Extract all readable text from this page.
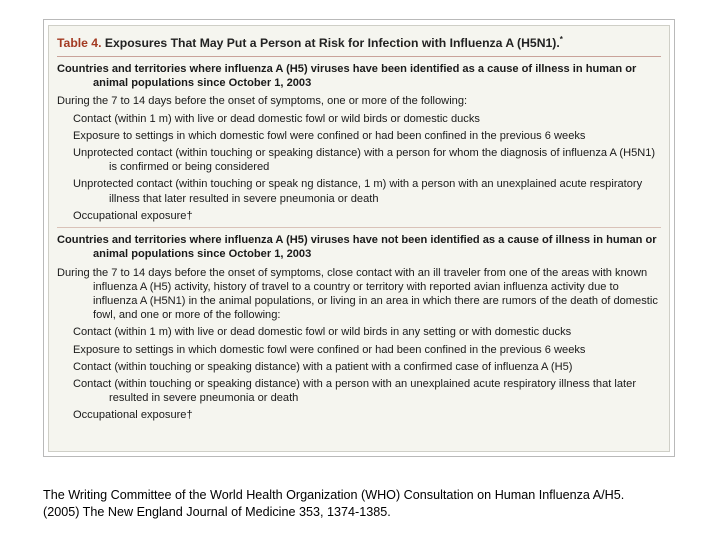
Table 4. Exposures That May Put a Person at Risk for Infection with Influenza A (H5N1).*
Countries and territories where influenza A (H5) viruses have been identified as a cause of illness in human or animal populations since October 1, 2003
During the 7 to 14 days before the onset of symptoms, one or more of the following:
Contact (within 1 m) with live or dead domestic fowl or wild birds or domestic ducks
Exposure to settings in which domestic fowl were confined or had been confined in the previous 6 weeks
Unprotected contact (within touching or speaking distance) with a person for whom the diagnosis of influenza A (H5N1) is confirmed or being considered
Unprotected contact (within touching or speak ng distance, 1 m) with a person with an unexplained acute respiratory illness that later resulted in severe pneumonia or death
Occupational exposure†
Countries and territories where influenza A (H5) viruses have not been identified as a cause of illness in human or animal populations since October 1, 2003
During the 7 to 14 days before the onset of symptoms, close contact with an ill traveler from one of the areas with known influenza A (H5) activity, history of travel to a country or territory with reported avian influenza activity due to influenza A (H5N1) in the animal populations, or living in an area in which there are rumors of the death of domestic fowl, and one or more of the following:
Contact (within 1 m) with live or dead domestic fowl or wild birds in any setting or with domestic ducks
Exposure to settings in which domestic fowl were confined or had been confined in the previous 6 weeks
Contact (within touching or speaking distance) with a patient with a confirmed case of influenza A (H5)
Contact (within touching or speaking distance) with a person with an unexplained acute respiratory illness that later resulted in severe pneumonia or death
Occupational exposure†
The Writing Committee of the World Health Organization (WHO) Consultation on Human Influenza A/H5.
(2005) The New England Journal of Medicine 353, 1374-1385.
